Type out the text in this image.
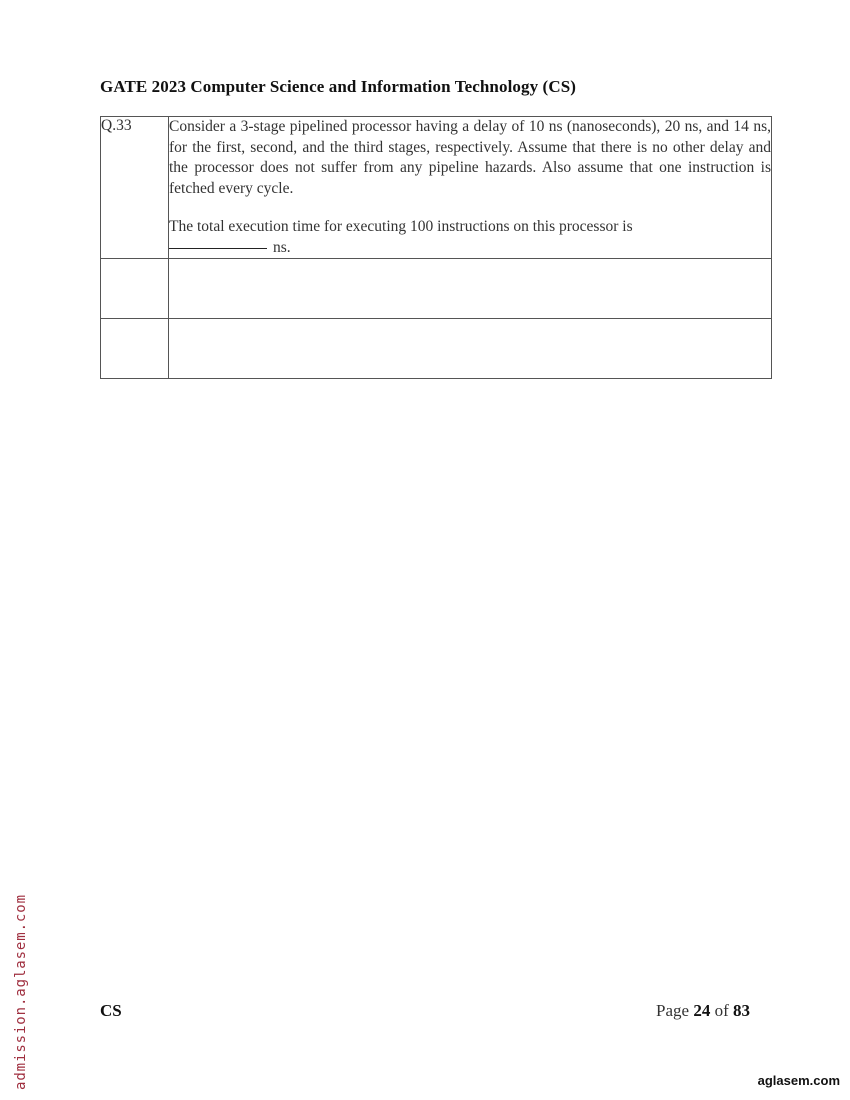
GATE 2023 Computer Science and Information Technology (CS)
Q.33	Consider a 3-stage pipelined processor having a delay of 10 ns (nanoseconds), 20 ns, and 14 ns, for the first, second, and the third stages, respectively. Assume that there is no other delay and the processor does not suffer from any pipeline hazards. Also assume that one instruction is fetched every cycle.

The total execution time for executing 100 instructions on this processor is
ns.

CS	Page 24 of 83
admission.aglasem.com	aglasem.com
